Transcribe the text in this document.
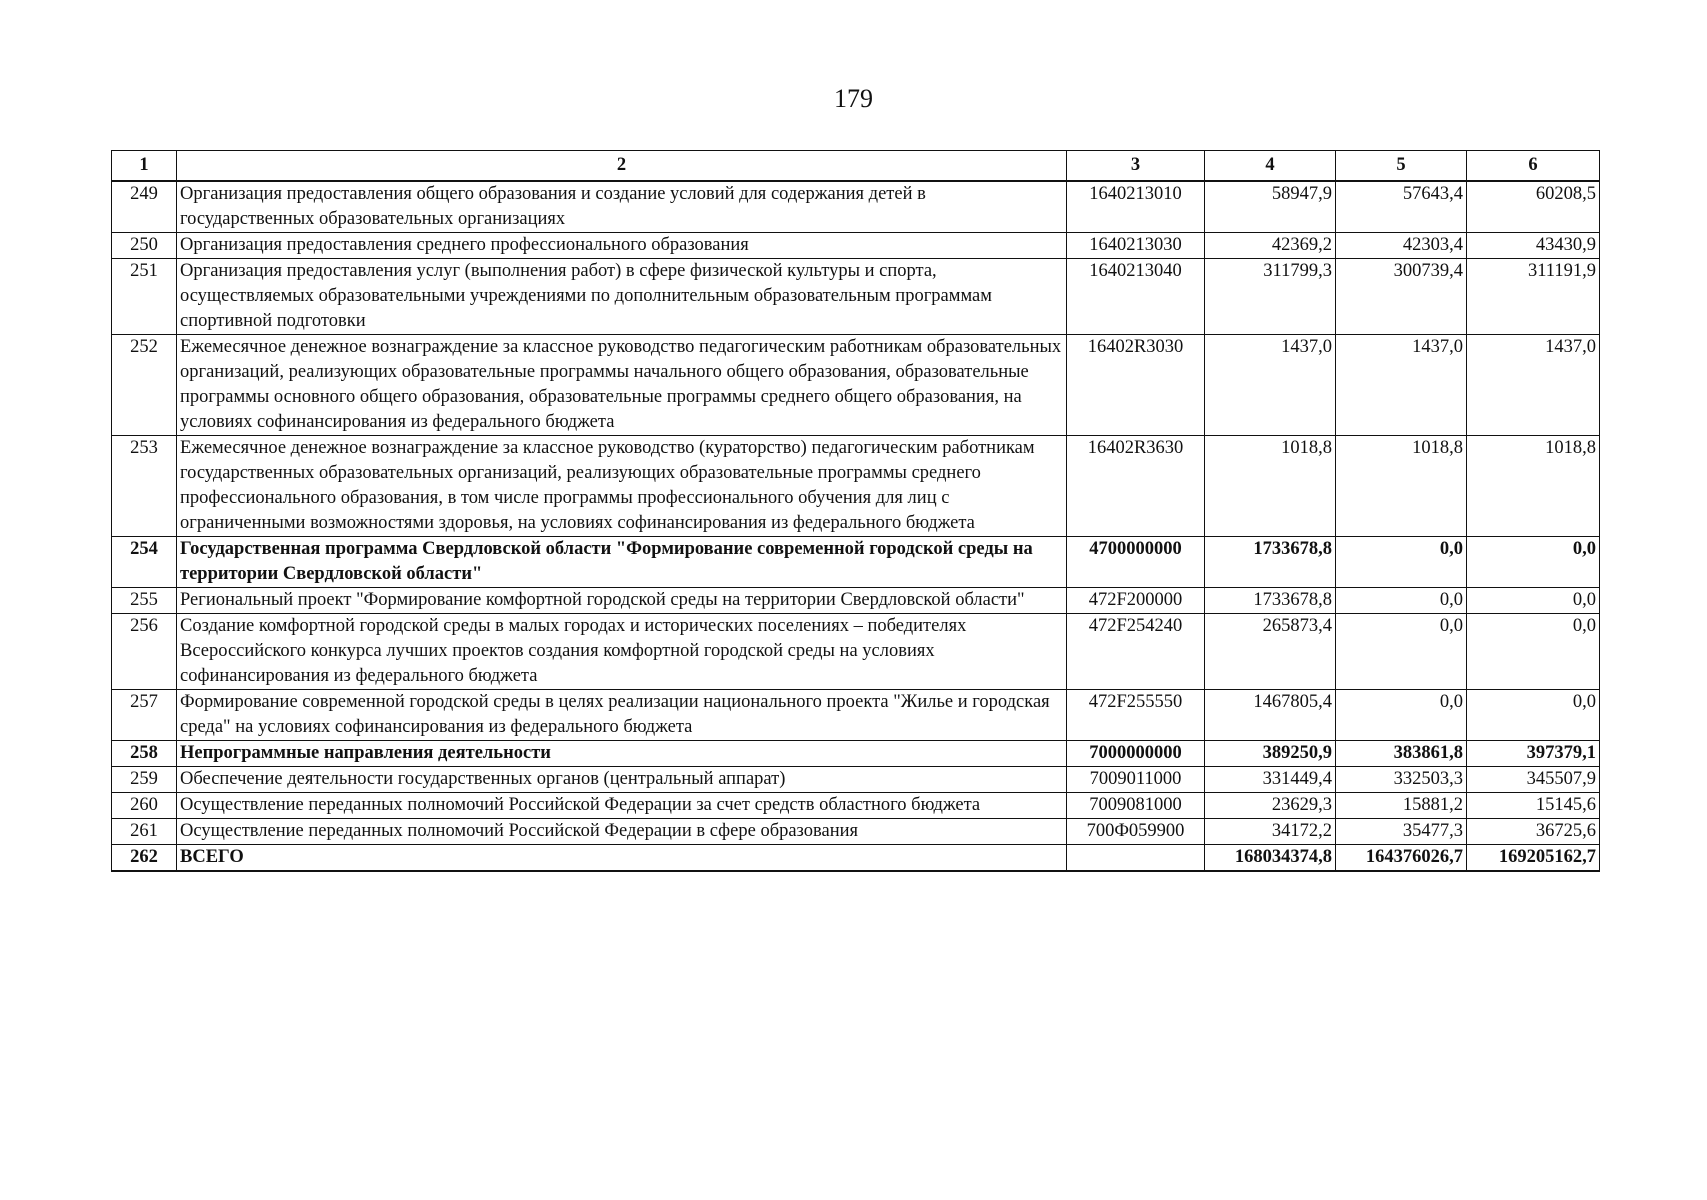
179
1	2	3	4	5	6
249	Организация предоставления общего образования и создание условий для содержания детей в государственных образовательных организациях	1640213010	58947,9	57643,4	60208,5
250	Организация предоставления среднего профессионального образования	1640213030	42369,2	42303,4	43430,9
251	Организация предоставления услуг (выполнения работ) в сфере физической культуры и спорта, осуществляемых образовательными учреждениями по дополнительным образовательным программам спортивной подготовки	1640213040	311799,3	300739,4	311191,9
252	Ежемесячное денежное вознаграждение за классное руководство педагогическим работникам образовательных организаций, реализующих образовательные программы начального общего образования, образовательные программы основного общего образования, образовательные программы среднего общего образования, на условиях софинансирования из федерального бюджета	16402R3030	1437,0	1437,0	1437,0
253	Ежемесячное денежное вознаграждение за классное руководство (кураторство) педагогическим работникам государственных образовательных организаций, реализующих образовательные программы среднего профессионального образования, в том числе программы профессионального обучения для лиц с ограниченными возможностями здоровья, на условиях софинансирования из федерального бюджета	16402R3630	1018,8	1018,8	1018,8
254	Государственная программа Свердловской области "Формирование современной городской среды на территории Свердловской области"	4700000000	1733678,8	0,0	0,0
255	Региональный проект "Формирование комфортной городской среды на территории Свердловской области"	472F200000	1733678,8	0,0	0,0
256	Создание комфортной городской среды в малых городах и исторических поселениях – победителях Всероссийского конкурса лучших проектов создания комфортной городской среды на условиях софинансирования из федерального бюджета	472F254240	265873,4	0,0	0,0
257	Формирование современной городской среды в целях реализации национального проекта "Жилье и городская среда" на условиях софинансирования из федерального бюджета	472F255550	1467805,4	0,0	0,0
258	Непрограммные направления деятельности	7000000000	389250,9	383861,8	397379,1
259	Обеспечение деятельности государственных органов (центральный аппарат)	7009011000	331449,4	332503,3	345507,9
260	Осуществление переданных полномочий Российской Федерации за счет средств областного бюджета	7009081000	23629,3	15881,2	15145,6
261	Осуществление переданных полномочий Российской Федерации в сфере образования	700Ф059900	34172,2	35477,3	36725,6
262	ВСЕГО		168034374,8	164376026,7	169205162,7
